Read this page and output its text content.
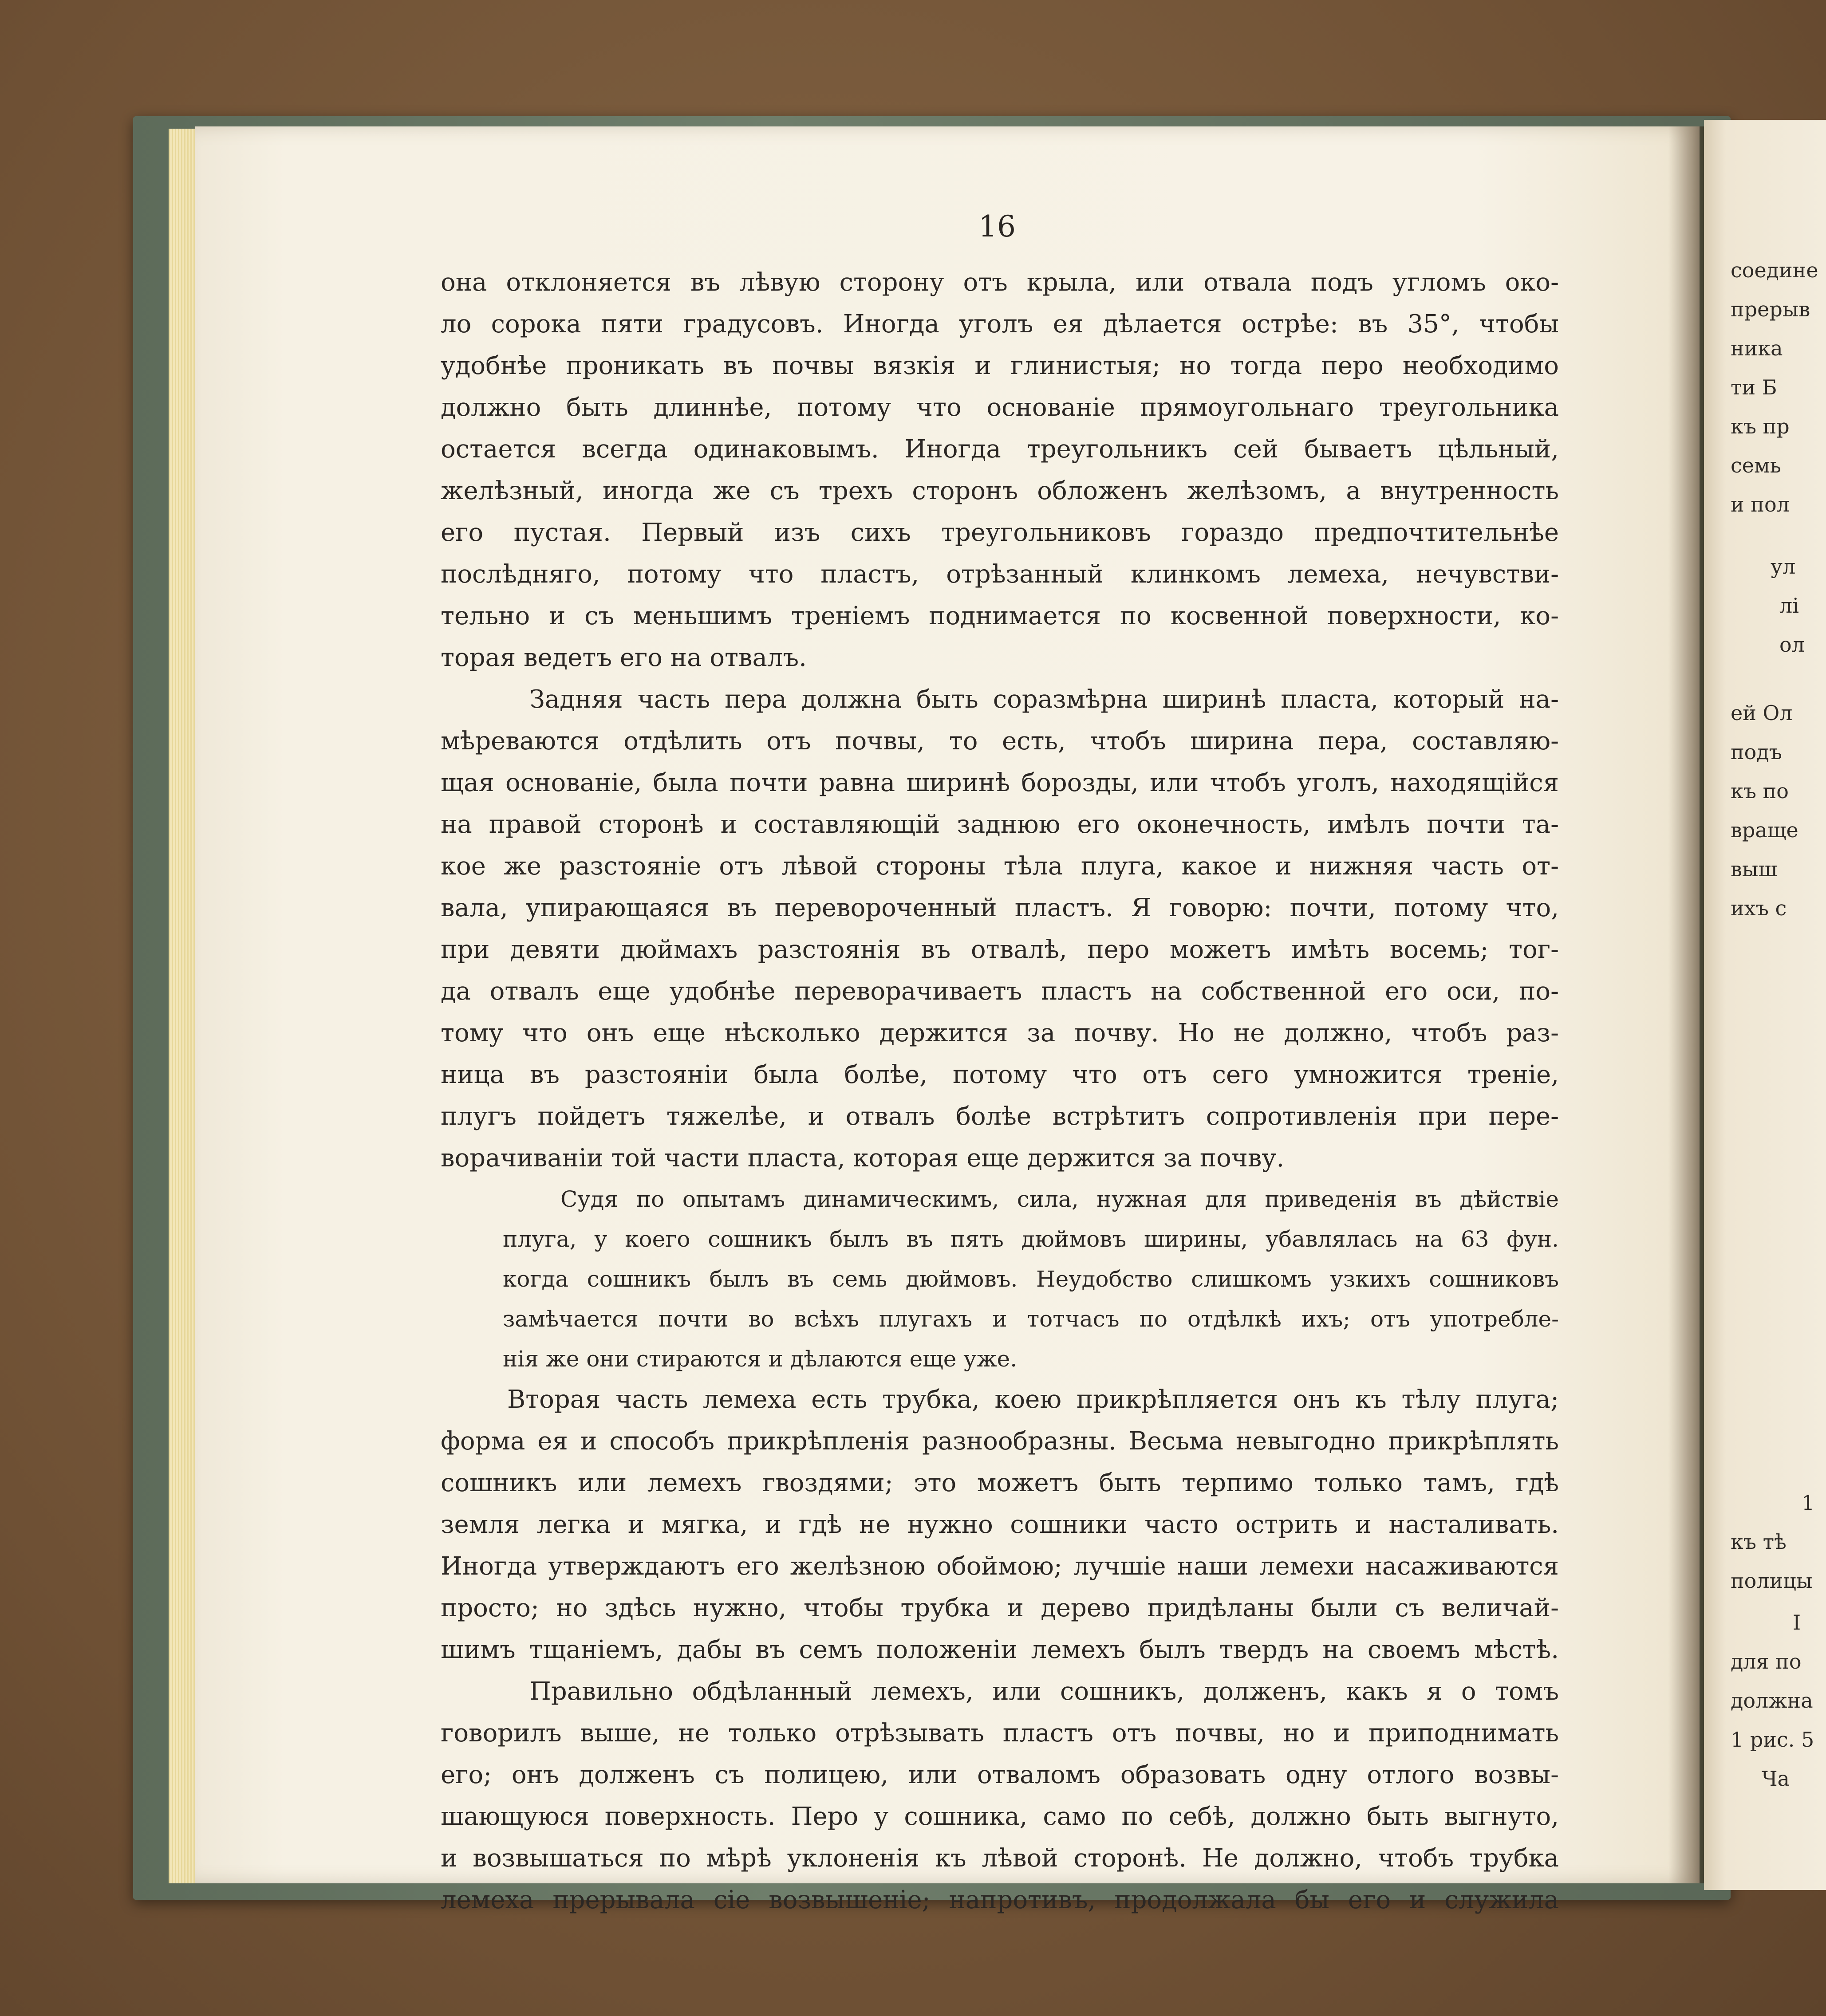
соедине
прерыв
ника
ти Б
къ пр
семь
и пол
ул
лі
ол
ей Ол
подъ
къ по
враще
выш
ихъ с
1
къ тѣ
полицы
І
для по
должна
1 рис. 5
Ча
16
она отклоняется въ лѣвую сторону отъ крыла, или отвала подъ угломъ око-
ло сорока пяти градусовъ. Иногда уголъ ея дѣлается острѣе: въ 35°, чтобы
удобнѣе проникать въ почвы вязкія и глинистыя; но тогда перо необходимо
должно быть длиннѣе, потому что основаніе прямоугольнаго треугольника
остается всегда одинаковымъ. Иногда треугольникъ сей бываетъ цѣльный,
желѣзный, иногда же съ трехъ сторонъ обложенъ желѣзомъ, а внутренность
его пустая. Первый изъ сихъ треугольниковъ гораздо предпочтительнѣе
послѣдняго, потому что пластъ, отрѣзанный клинкомъ лемеха, нечувстви-
тельно и съ меньшимъ треніемъ поднимается по косвенной поверхности, ко-
торая ведетъ его на отвалъ.
Задняя часть пера должна быть соразмѣрна ширинѣ пласта, который на-
мѣреваются отдѣлить отъ почвы, то есть, чтобъ ширина пера, составляю-
щая основаніе, была почти равна ширинѣ борозды, или чтобъ уголъ, находящійся
на правой сторонѣ и составляющій заднюю его оконечность, имѣлъ почти та-
кое же разстояніе отъ лѣвой стороны тѣла плуга, какое и нижняя часть от-
вала, упирающаяся въ перевороченный пластъ. Я говорю: почти, потому что,
при девяти дюймахъ разстоянія въ отвалѣ, перо можетъ имѣть восемь; тог-
да отвалъ еще удобнѣе переворачиваетъ пластъ на собственной его оси, по-
тому что онъ еще нѣсколько держится за почву. Но не должно, чтобъ раз-
ница въ разстояніи была болѣе, потому что отъ сего умножится треніе,
плугъ пойдетъ тяжелѣе, и отвалъ болѣе встрѣтитъ сопротивленія при пере-
ворачиваніи той части пласта, которая еще держится за почву.
Судя по опытамъ динамическимъ, сила, нужная для приведенія въ дѣйствіе
плуга, у коего сошникъ былъ въ пять дюймовъ ширины, убавлялась на 63 фун.
когда сошникъ былъ въ семь дюймовъ. Неудобство слишкомъ узкихъ сошниковъ
замѣчается почти во всѣхъ плугахъ и тотчасъ по отдѣлкѣ ихъ; отъ употребле-
нія же они стираются и дѣлаются еще уже.
Вторая часть лемеха есть трубка, коею прикрѣпляется онъ къ тѣлу плуга;
форма ея и способъ прикрѣпленія разнообразны. Весьма невыгодно прикрѣплять
сошникъ или лемехъ гвоздями; это можетъ быть терпимо только тамъ, гдѣ
земля легка и мягка, и гдѣ не нужно сошники часто острить и насталивать.
Иногда утверждаютъ его желѣзною обоймою; лучшіе наши лемехи насаживаются
просто; но здѣсь нужно, чтобы трубка и дерево придѣланы были съ величай-
шимъ тщаніемъ, дабы въ семъ положеніи лемехъ былъ твердъ на своемъ мѣстѣ.
Правильно обдѣланный лемехъ, или сошникъ, долженъ, какъ я о томъ
говорилъ выше, не только отрѣзывать пластъ отъ почвы, но и приподнимать
его; онъ долженъ съ полицею, или отваломъ образовать одну отлого возвы-
шающуюся поверхность. Перо у сошника, само по себѣ, должно быть выгнуто,
и возвышаться по мѣрѣ уклоненія къ лѣвой сторонѣ. Не должно, чтобъ трубка
лемеха прерывала сіе возвышеніе; напротивъ, продолжала бы его и служила
